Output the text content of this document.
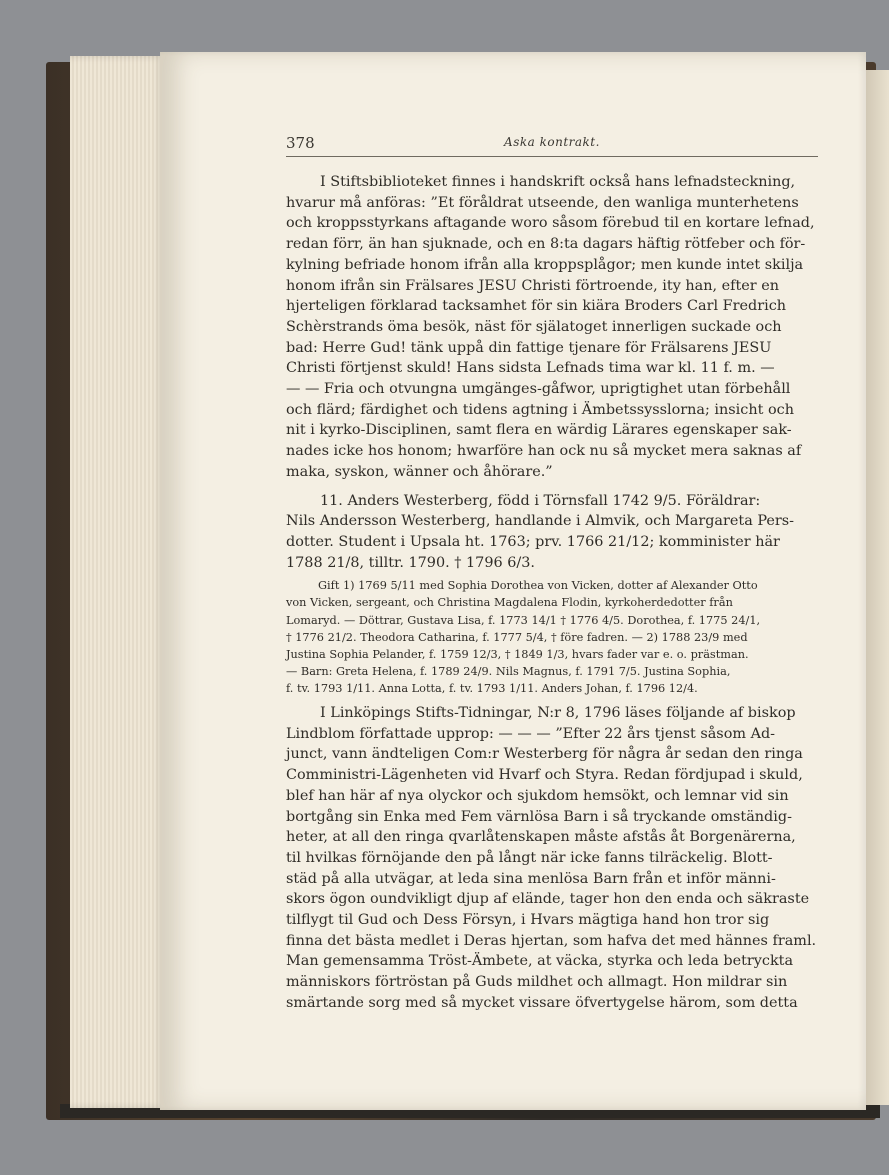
378	Aska kontrakt.

I Stiftsbiblioteket finnes i handskrift också hans lefnadsteckning,
hvarur må anföras: ”Et föråldrat utseende, den wanliga munterhetens
och kroppsstyrkans aftagande woro såsom förebud til en kortare lefnad,
redan förr, än han sjuknade, och en 8:ta dagars häftig rötfeber och för-
kylning befriade honom ifrån alla kroppsplågor; men kunde intet skilja
honom ifrån sin Frälsares JESU Christi förtroende, ity han, efter en
hjerteligen förklarad tacksamhet för sin kiära Broders Carl Fredrich
Schèrstrands öma besök, näst för själatoget innerligen suckade och
bad: Herre Gud! tänk uppå din fattige tjenare för Frälsarens JESU
Christi förtjenst skuld! Hans sidsta Lefnads tima war kl. 11 f. m. —
— — Fria och otvungna umgänges-gåfwor, uprigtighet utan förbehåll
och flärd; färdighet och tidens agtning i Ämbetssysslorna; insicht och
nit i kyrko-Disciplinen, samt flera en wärdig Lärares egenskaper sak-
nades icke hos honom; hwarföre han ock nu så mycket mera saknas af
maka, syskon, wänner och åhörare.”

11. Anders Westerberg, född i Törnsfall 1742 9/5. Föräldrar:
Nils Andersson Westerberg, handlande i Almvik, och Margareta Pers-
dotter. Student i Upsala ht. 1763; prv. 1766 21/12; komminister här
1788 21/8, tilltr. 1790. † 1796 6/3.

Gift 1) 1769 5/11 med Sophia Dorothea von Vicken, dotter af Alexander Otto
von Vicken, sergeant, och Christina Magdalena Flodin, kyrkoherdedotter från
Lomaryd. — Döttrar, Gustava Lisa, f. 1773 14/1 † 1776 4/5. Dorothea, f. 1775 24/1,
† 1776 21/2. Theodora Catharina, f. 1777 5/4, † före fadren. — 2) 1788 23/9 med
Justina Sophia Pelander, f. 1759 12/3, † 1849 1/3, hvars fader var e. o. prästman.
— Barn: Greta Helena, f. 1789 24/9. Nils Magnus, f. 1791 7/5. Justina Sophia,
f. tv. 1793 1/11. Anna Lotta, f. tv. 1793 1/11. Anders Johan, f. 1796 12/4.

I Linköpings Stifts-Tidningar, N:r 8, 1796 läses följande af biskop
Lindblom författade upprop: — — — ”Efter 22 års tjenst såsom Ad-
junct, vann ändteligen Com:r Westerberg för några år sedan den ringa
Comministri-Lägenheten vid Hvarf och Styra. Redan fördjupad i skuld,
blef han här af nya olyckor och sjukdom hemsökt, och lemnar vid sin
bortgång sin Enka med Fem värnlösa Barn i så tryckande omständig-
heter, at all den ringa qvarlåtenskapen måste afstås åt Borgenärerna,
til hvilkas förnöjande den på långt när icke fanns tilräckelig. Blott-
städ på alla utvägar, at leda sina menlösa Barn från et inför männi-
skors ögon oundvikligt djup af elände, tager hon den enda och säkraste
tilflygt til Gud och Dess Försyn, i Hvars mägtiga hand hon tror sig
finna det bästa medlet i Deras hjertan, som hafva det med hännes framl.
Man gemensamma Tröst-Ämbete, at väcka, styrka och leda betryckta
människors förtröstan på Guds mildhet och allmagt. Hon mildrar sin
smärtande sorg med så mycket vissare öfvertygelse härom, som detta
